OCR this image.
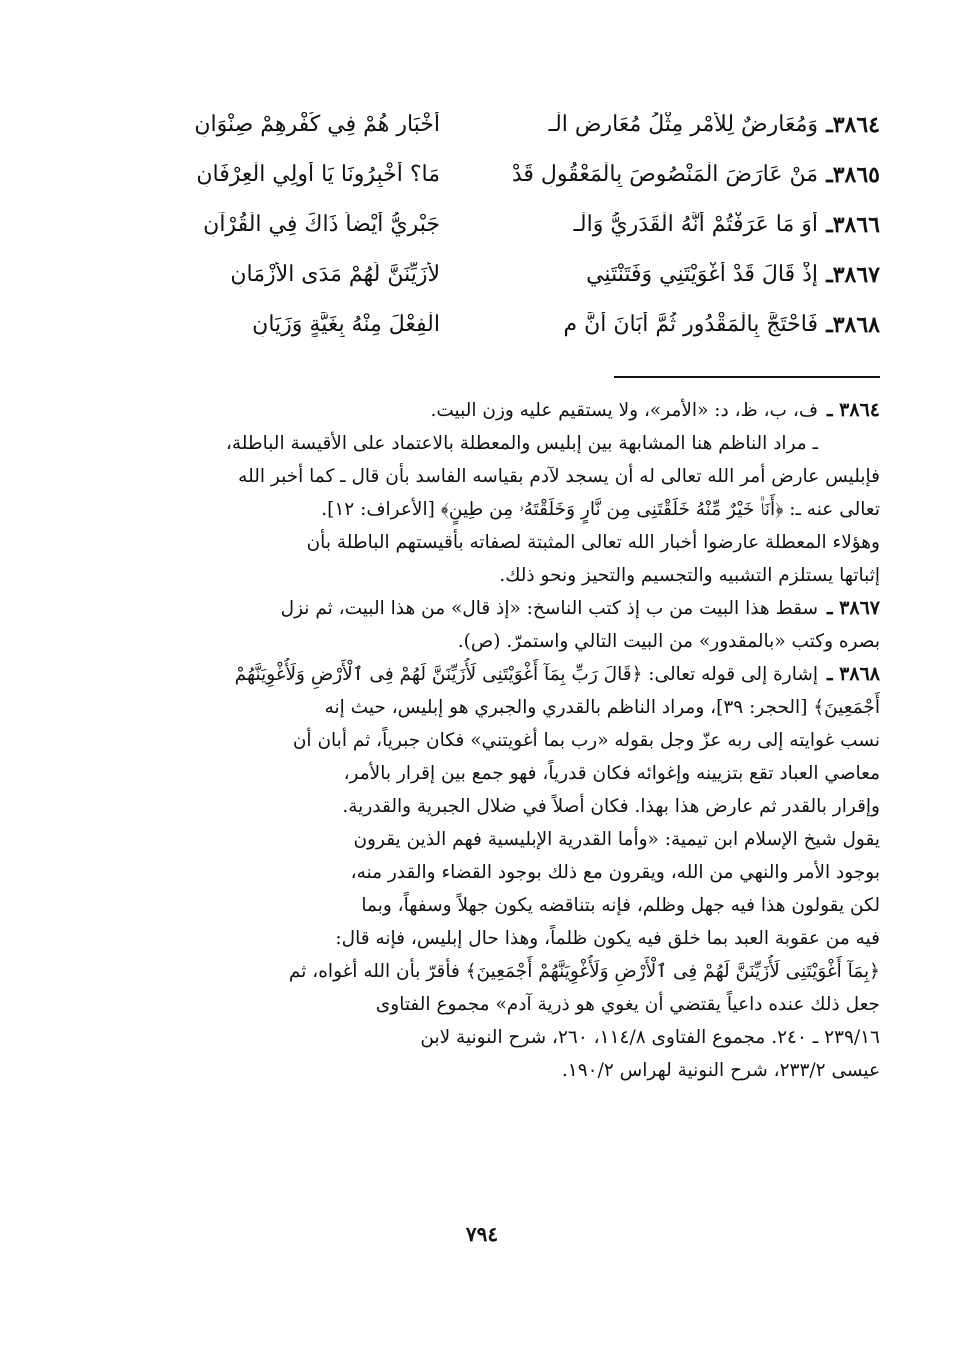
٣٨٦٤ـ
وَمُعَارِضٌ لِلأَمْرِ مِثْلُ مُعَارِضِ الْـ
أَخْبَارِ هُمْ فِي كُفْرِهِمْ صِنْوَانِ
٣٨٦٥ـ
مَنْ عَارَضَ الْمَنْصُوصَ بِالْمَعْقُولِ قَدْ
مَا؟ أَخْبِرُونَا يَا أُولِي الْعِرْفَانِ
٣٨٦٦ـ
أَوَ مَا عَرَفْتُمْ أَنَّهُ الْقَدَرِيُّ وَالْـ
جَبْرِيُّ أَيْضاً ذَاكَ فِي الْقُرْآنِ
٣٨٦٧ـ
إِذْ قَالَ قَدْ أَغْوَيْتَنِي وَفَتَنْتَنِي
لأُزَيِّنَنَّ لَهُمْ مَدَى الأَزْمَانِ
٣٨٦٨ـ
فَاحْتَجَّ بِالْمَقْدُورِ ثُمَّ أَبَانَ أَنَّ م
الْفِعْلَ مِنْهُ بِغَيَّةٍ وَزَيَانِ
٣٨٦٤ ـ
ف، ب، ظ، د: «الأمر»، ولا يستقيم عليه وزن البيت.
ـ مراد الناظم هنا المشابهة بين إبليس والمعطلة بالاعتماد على الأقيسة الباطلة،
فإبليس عارض أمر الله تعالى له أن يسجد لآدم بقياسه الفاسد بأن قال ـ كما أخبر الله
تعالى عنه ـ: ﴿أَنَا۠ خَيْرٌ مِّنْهُ خَلَقْتَنِى مِن نَّارٍ وَخَلَقْتَهُۥ مِن طِينٍ﴾ [الأعراف: ١٢].
وهؤلاء المعطلة عارضوا أخبار الله تعالى المثبتة لصفاته بأقيستهم الباطلة بأن
إثباتها يستلزم التشبيه والتجسيم والتحيز ونحو ذلك.
٣٨٦٧ ـ
سقط هذا البيت من ب إذ كتب الناسخ: «إذ قال» من هذا البيت، ثم نزل
بصره وكتب «بالمقدور» من البيت التالي واستمرّ. (ص).
٣٨٦٨ ـ
إشارة إلى قوله تعالى: ﴿قَالَ رَبِّ بِمَآ أَغْوَيْتَنِى لَأُزَيِّنَنَّ لَهُمْ فِى ٱلْأَرْضِ وَلَأُغْوِيَنَّهُمْ
أَجْمَعِينَ﴾ [الحجر: ٣٩]، ومراد الناظم بالقدري والجبري هو إبليس، حيث إنه
نسب غوايته إلى ربه عزّ وجل بقوله «رب بما أغويتني» فكان جبرياً، ثم أبان أن
معاصي العباد تقع بتزيينه وإغوائه فكان قدرياً، فهو جمع بين إقرار بالأمر،
وإقرار بالقدر ثم عارض هذا بهذا. فكان أصلاً في ضلال الجبرية والقدرية.
يقول شيخ الإسلام ابن تيمية: «وأما القدرية الإبليسية فهم الذين يقرون
بوجود الأمر والنهي من الله، ويقرون مع ذلك بوجود القضاء والقدر منه،
لكن يقولون هذا فيه جهل وظلم، فإنه بتناقضه يكون جهلاً وسفهاً، وبما
فيه من عقوبة العبد بما خلق فيه يكون ظلماً، وهذا حال إبليس، فإنه قال:
﴿بِمَآ أَغْوَيْتَنِى لَأُزَيِّنَنَّ لَهُمْ فِى ٱلْأَرْضِ وَلَأُغْوِيَنَّهُمْ أَجْمَعِينَ﴾ فأقرّ بأن الله أغواه، ثم
جعل ذلك عنده داعياً يقتضي أن يغوي هو ذرية آدم» مجموع الفتاوى
٢٣٩/١٦ ـ ٢٤٠. مجموع الفتاوى ١١٤/٨، ٢٦٠، شرح النونية لابن
عيسى ٢٣٣/٢، شرح النونية لهراس ١٩٠/٢.
٧٩٤
